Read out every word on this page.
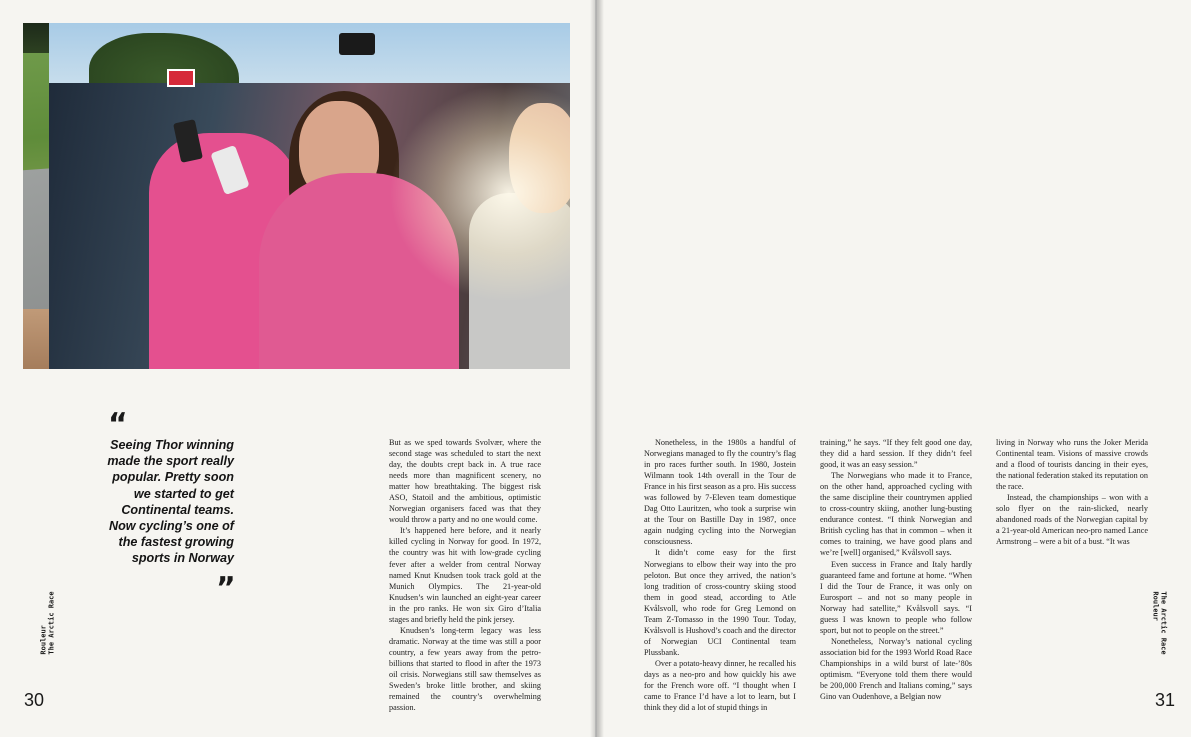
“
Seeing Thor winning
made the sport really
popular. Pretty soon
we started to get
Continental teams.
Now cycling’s one of
the fastest growing
sports in Norway
”

But as we sped towards Svolvær, where the second stage was scheduled to start the next day, the doubts crept back in. A true race needs more than magnificent scenery, no matter how breathtaking. The biggest risk ASO, Statoil and the ambitious, optimistic Norwegian organisers faced was that they would throw a party and no one would come.

It’s happened here before, and it nearly killed cycling in Norway for good. In 1972, the country was hit with low-grade cycling fever after a welder from central Norway named Knut Knudsen took track gold at the Munich Olympics. The 21-year-old Knudsen’s win launched an eight-year career in the pro ranks. He won six Giro d’Italia stages and briefly held the pink jersey.

Knudsen’s long-term legacy was less dramatic. Norway at the time was still a poor country, a few years away from the petro-billions that started to flood in after the 1973 oil crisis. Norwegians still saw themselves as Sweden’s broke little brother, and skiing remained the country’s overwhelming passion.

Nonetheless, in the 1980s a handful of Norwegians managed to fly the country’s flag in pro races further south. In 1980, Jostein Wilmann took 14th overall in the Tour de France in his first season as a pro. His success was followed by 7-Eleven team domestique Dag Otto Lauritzen, who took a surprise win at the Tour on Bastille Day in 1987, once again nudging cycling into the Norwegian consciousness.

It didn’t come easy for the first Norwegians to elbow their way into the pro peloton. But once they arrived, the nation’s long tradition of cross-country skiing stood them in good stead, according to Atle Kvålsvoll, who rode for Greg Lemond on Team Z-Tomasso in the 1990 Tour. Today, Kvålsvoll is Hushovd’s coach and the director of Norwegian UCI Continental team Plussbank.

Over a potato-heavy dinner, he recalled his days as a neo-pro and how quickly his awe for the French wore off. “I thought when I came to France I’d have a lot to learn, but I think they did a lot of stupid things in

training,” he says. “If they felt good one day, they did a hard session. If they didn’t feel good, it was an easy session.”

The Norwegians who made it to France, on the other hand, approached cycling with the same discipline their countrymen applied to cross-country skiing, another lung-busting endurance contest. “I think Norwegian and British cycling has that in common – when it comes to training, we have good plans and we’re [well] organised,” Kvålsvoll says.

Even success in France and Italy hardly guaranteed fame and fortune at home. “When I did the Tour de France, it was only on Eurosport – and not so many people in Norway had satellite,” Kvålsvoll says. “I guess I was known to people who follow sport, but not to people on the street.”

Nonetheless, Norway’s national cycling association bid for the 1993 World Road Race Championships in a wild burst of late-’80s optimism. “Everyone told them there would be 200,000 French and Italians coming,” says Gino van Oudenhove, a Belgian now

living in Norway who runs the Joker Merida Continental team. Visions of massive crowds and a flood of tourists dancing in their eyes, the national federation staked its reputation on the race.

Instead, the championships – won with a solo flyer on the rain-slicked, nearly abandoned roads of the Norwegian capital by a 21-year-old American neo-pro named Lance Armstrong – were a bit of a bust. “It was

Rouleur The Arctic Race	The Arctic Race
Rouleur
30	31
